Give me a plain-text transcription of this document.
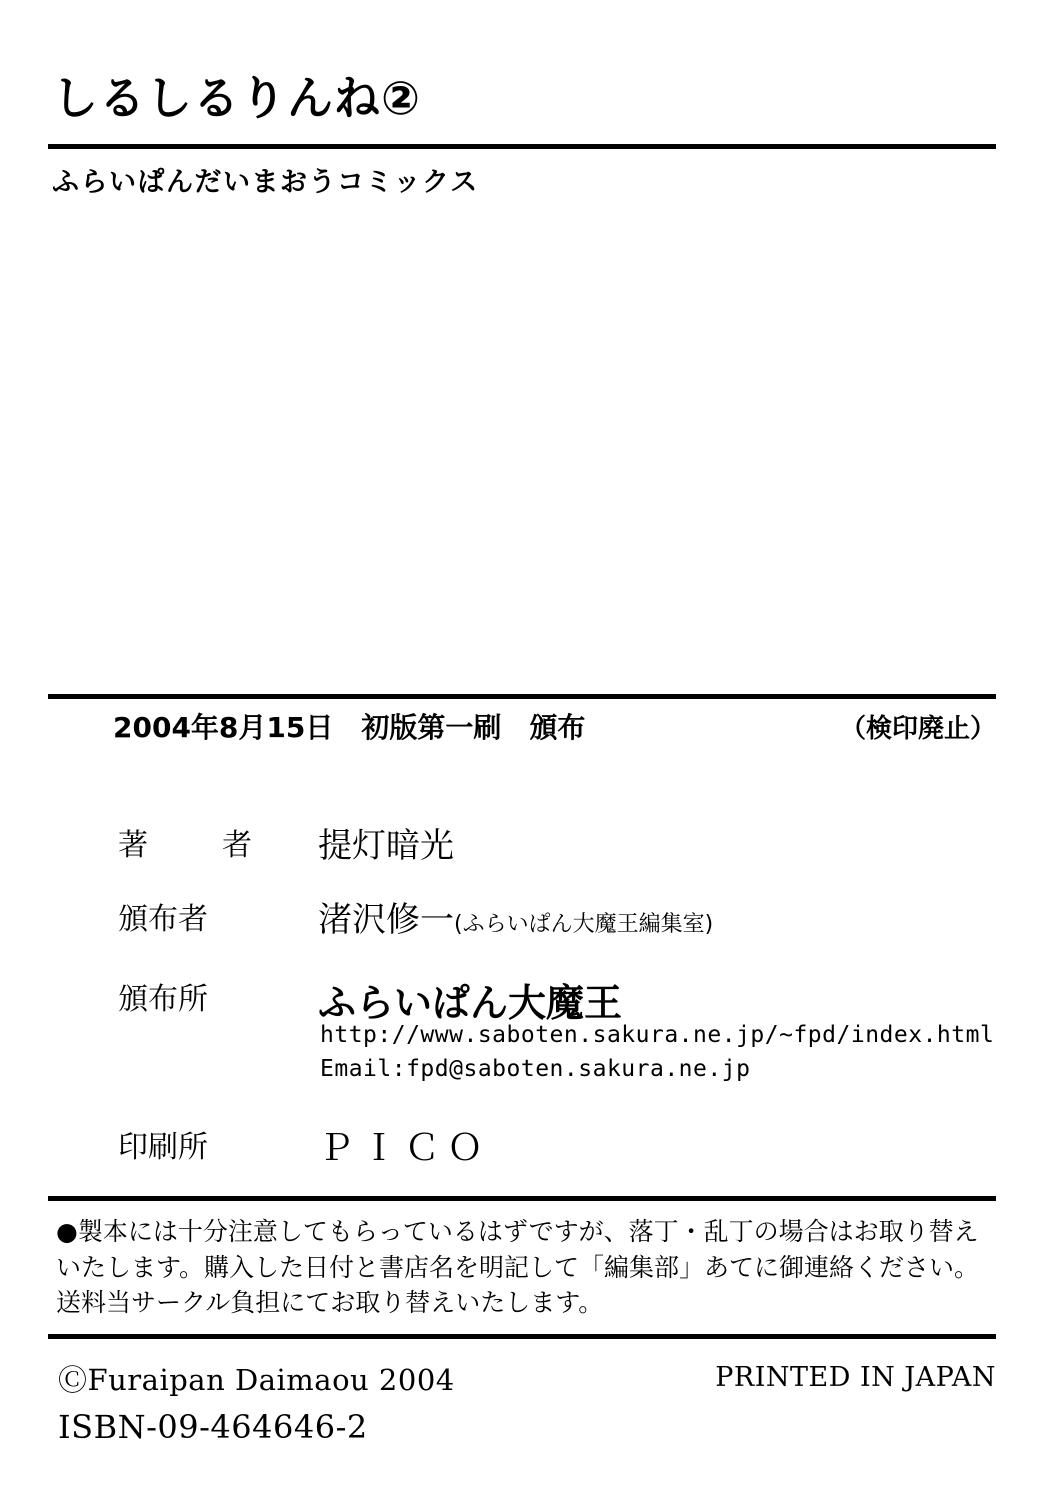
しるしるりんね②
ふらいぱんだいまおうコミックス
2004年8月15日　初版第一刷　頒布	（検印廃止）
著　者	提灯暗光
頒布者	渚沢修一(ふらいぱん大魔王編集室)
頒布所	ふらいぱん大魔王
http://www.saboten.sakura.ne.jp/~fpd/index.html
Email:fpd@saboten.sakura.ne.jp
印刷所	ＰＩＣＯ
●製本には十分注意してもらっているはずですが、落丁・乱丁の場合はお取り替えいたします。購入した日付と書店名を明記して「編集部」あてに御連絡ください。送料当サークル負担にてお取り替えいたします。
ⒸFuraipan Daimaou 2004	PRINTED IN JAPAN
ISBN-09-464646-2
